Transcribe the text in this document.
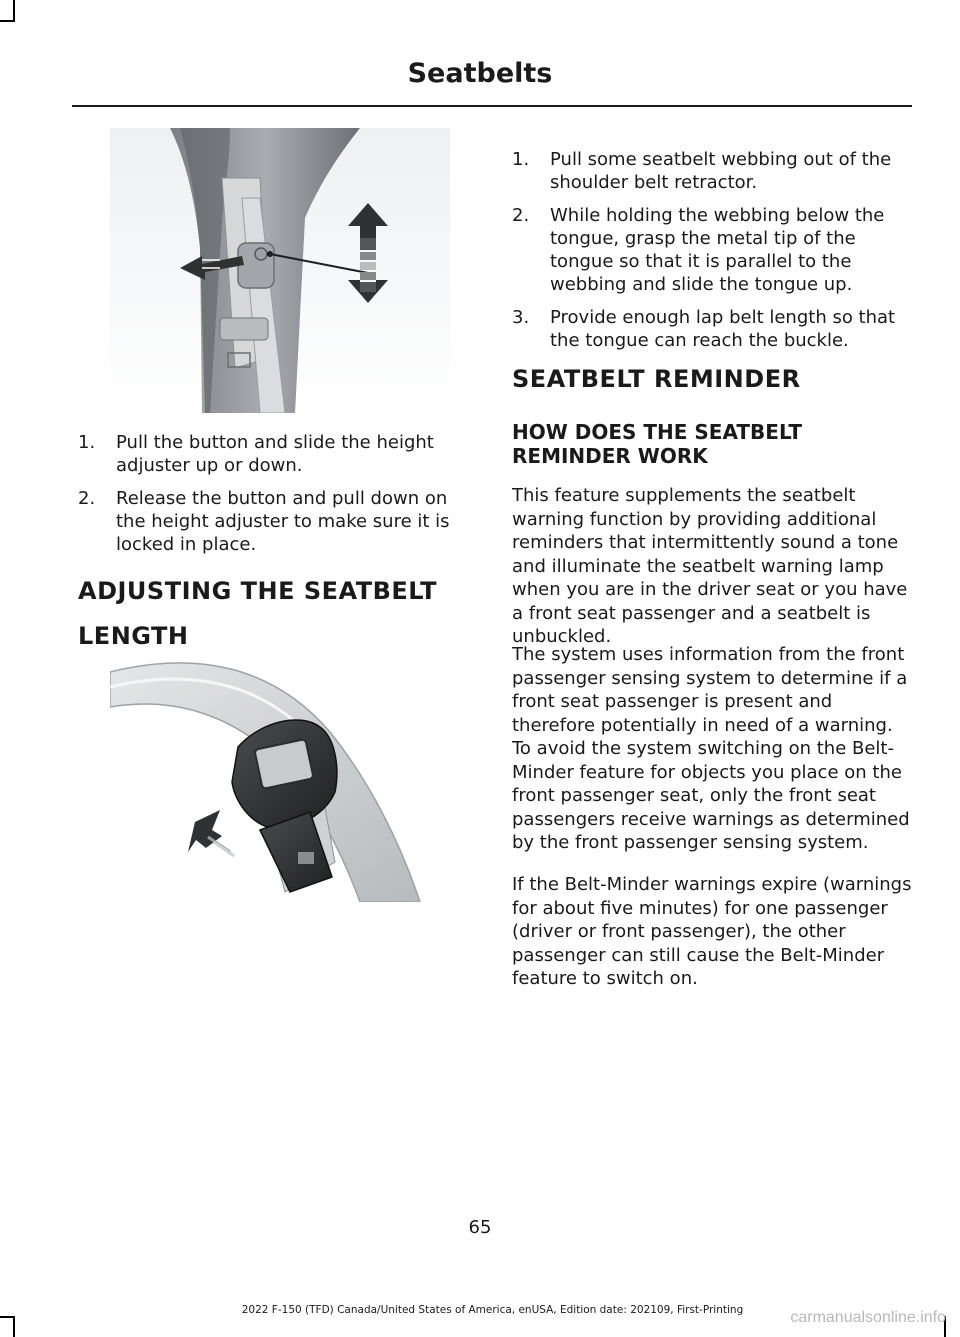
Seatbelts
1. Pull the button and slide the height adjuster up or down.
2. Release the button and pull down on the height adjuster to make sure it is locked in place.
ADJUSTING THE SEATBELT
LENGTH
1. Pull some seatbelt webbing out of the shoulder belt retractor.
2. While holding the webbing below the tongue, grasp the metal tip of the tongue so that it is parallel to the webbing and slide the tongue up.
3. Provide enough lap belt length so that the tongue can reach the buckle.
SEATBELT REMINDER
HOW DOES THE SEATBELT REMINDER WORK

This feature supplements the seatbelt warning function by providing additional reminders that intermittently sound a tone and illuminate the seatbelt warning lamp when you are in the driver seat or you have a front seat passenger and a seatbelt is unbuckled.

The system uses information from the front passenger sensing system to determine if a front seat passenger is present and therefore potentially in need of a warning. To avoid the system switching on the Belt-Minder feature for objects you place on the front passenger seat, only the front seat passengers receive warnings as determined by the front passenger sensing system.

If the Belt-Minder warnings expire (warnings for about five minutes) for one passenger (driver or front passenger), the other passenger can still cause the Belt-Minder feature to switch on.

65
2022 F-150 (TFD) Canada/United States of America, enUSA, Edition date: 202109, First-Printing	carmanualsonline.info
